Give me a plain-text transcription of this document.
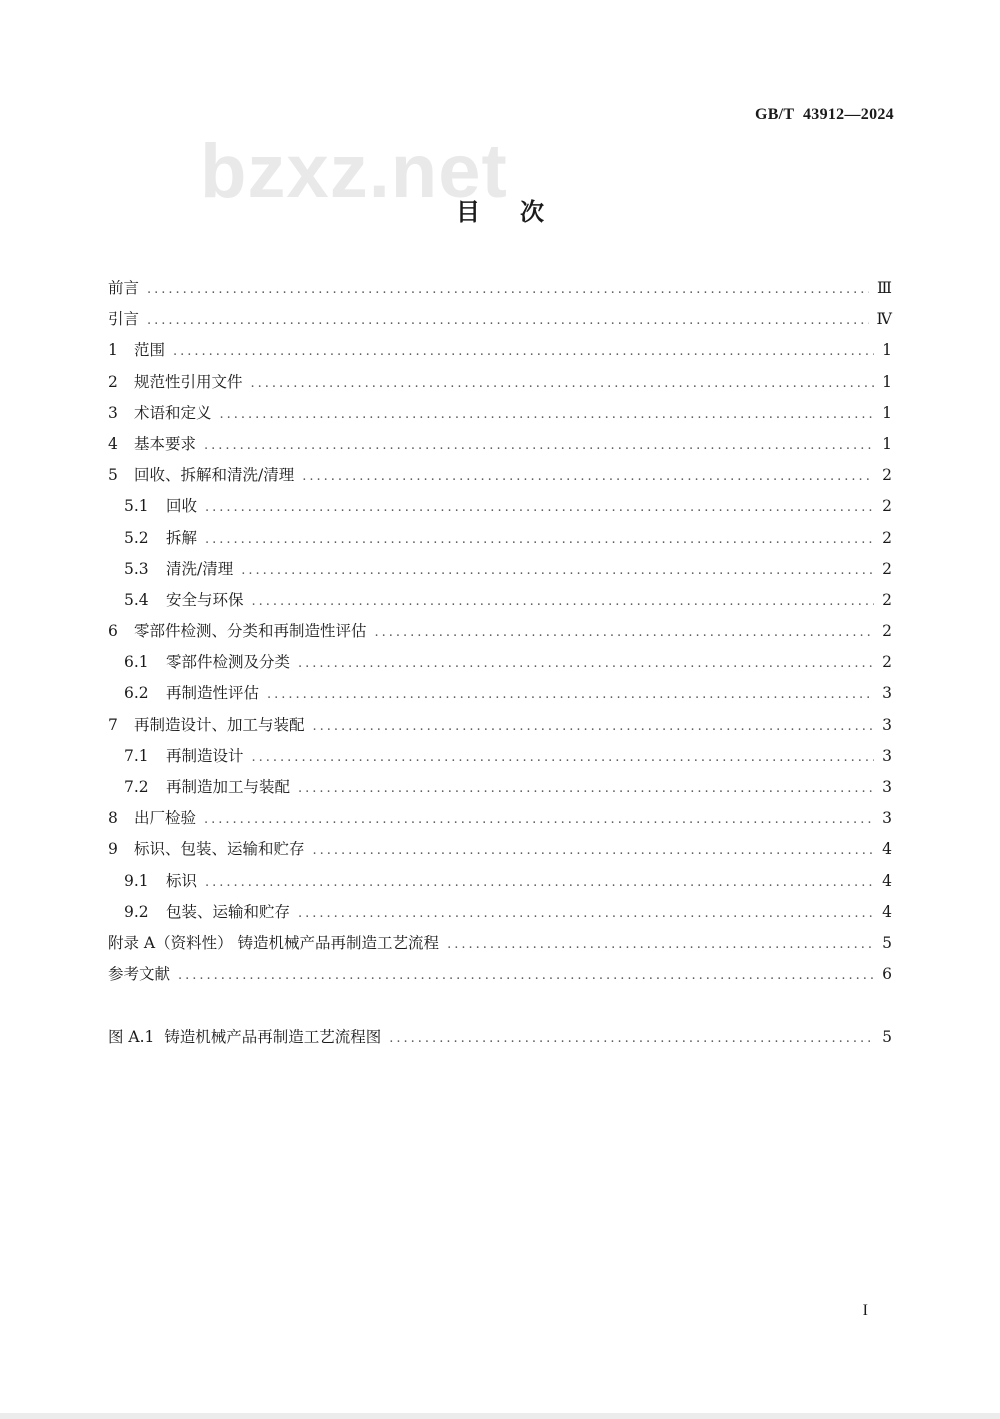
bzxz.net
GB/T  43912—2024
目次
前言 .....	Ⅲ
引言 .....	Ⅳ
1	范围 .....	1
2	规范性引用文件 .....	1
3	术语和定义 .....	1
4	基本要求 .....	1
5	回收、拆解和清洗/清理 .....	2
5.1	回收 .....	2
5.2	拆解 .....	2
5.3	清洗/清理 .....	2
5.4	安全与环保 .....	2
6	零部件检测、分类和再制造性评估 .....	2
6.1	零部件检测及分类 .....	2
6.2	再制造性评估 .....	3
7	再制造设计、加工与装配 .....	3
7.1	再制造设计 .....	3
7.2	再制造加工与装配 .....	3
8	出厂检验 .....	3
9	标识、包装、运输和贮存 .....	4
9.1	标识 .....	4
9.2	包装、运输和贮存 .....	4
附录 A（资料性） 铸造机械产品再制造工艺流程 .....	5
参考文献 .....	6
图 A.1  铸造机械产品再制造工艺流程图 .....	5
I
